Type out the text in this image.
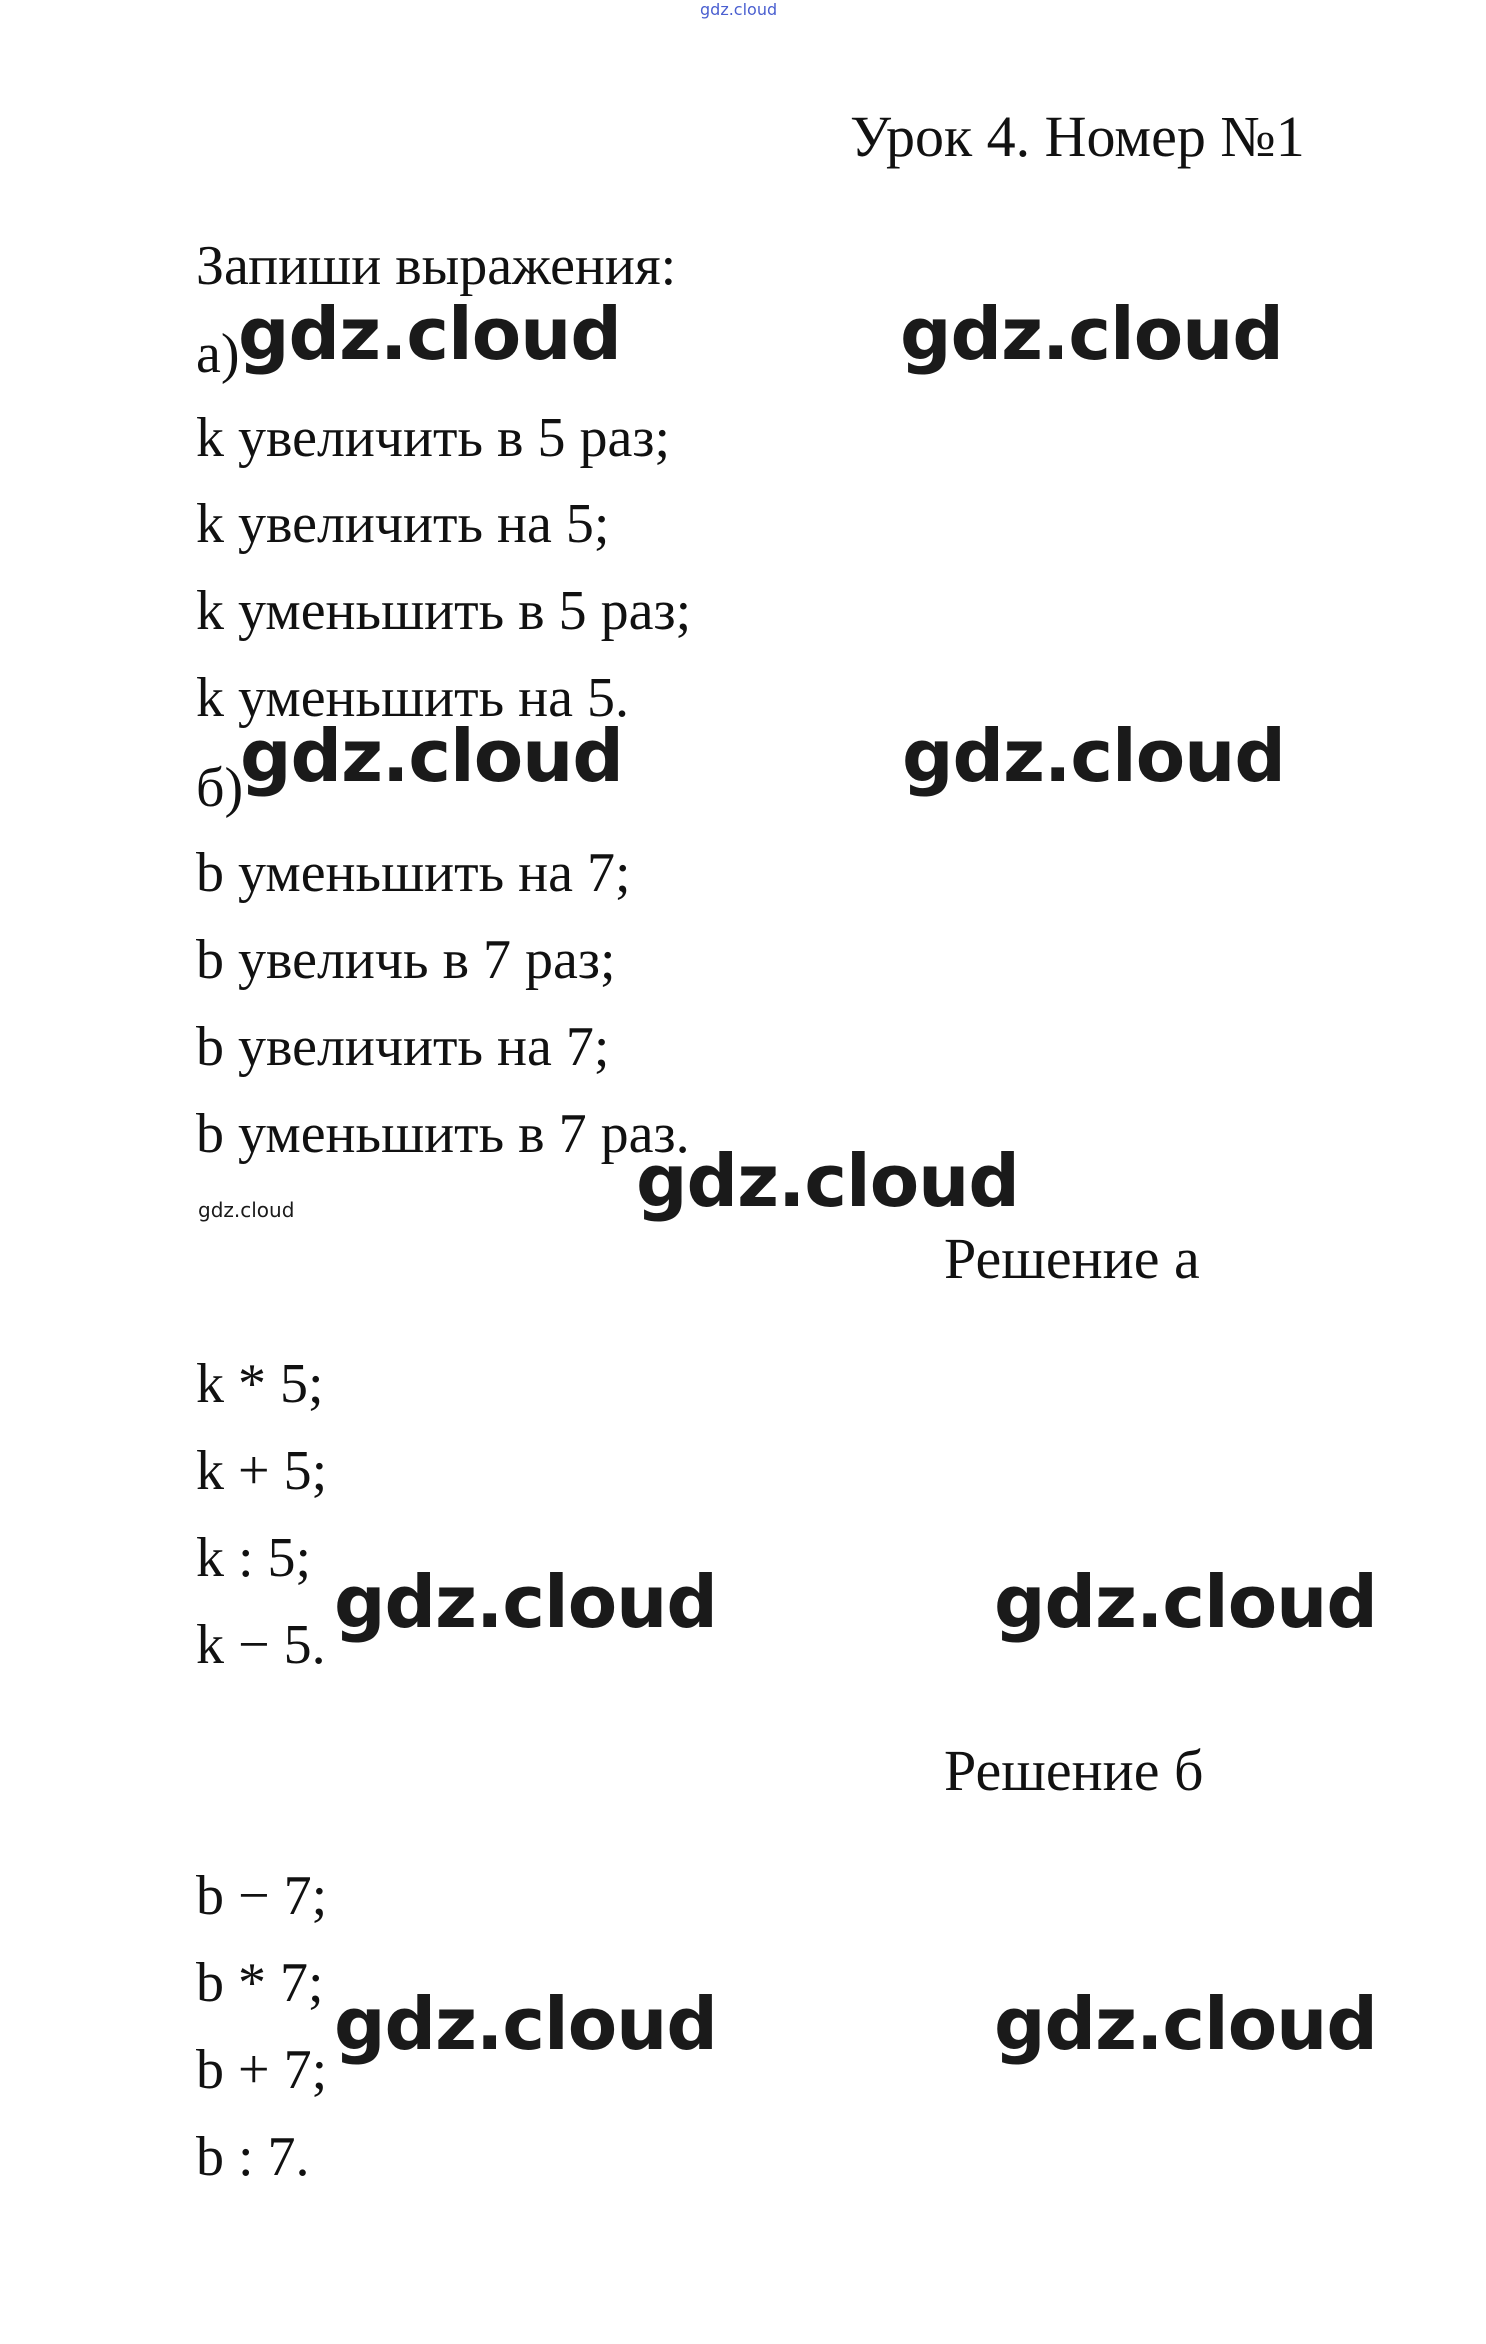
gdz.cloud
Урок 4. Номер №1
Запиши выражения:
а)
gdz.cloud	gdz.cloud
k увеличить в 5 раз;
k увеличить на 5;
k уменьшить в 5 раз;
k уменьшить на 5.
б)
gdz.cloud	gdz.cloud
b уменьшить на 7;
b увеличь в 7 раз;
b увеличить на 7;
b уменьшить в 7 раз.
gdz.cloud
gdz.cloud
Решение а
k * 5;
k + 5;
k : 5;
k − 5.
gdz.cloud	gdz.cloud
Решение б
b − 7;
b * 7;
b + 7;
b : 7.
gdz.cloud	gdz.cloud
